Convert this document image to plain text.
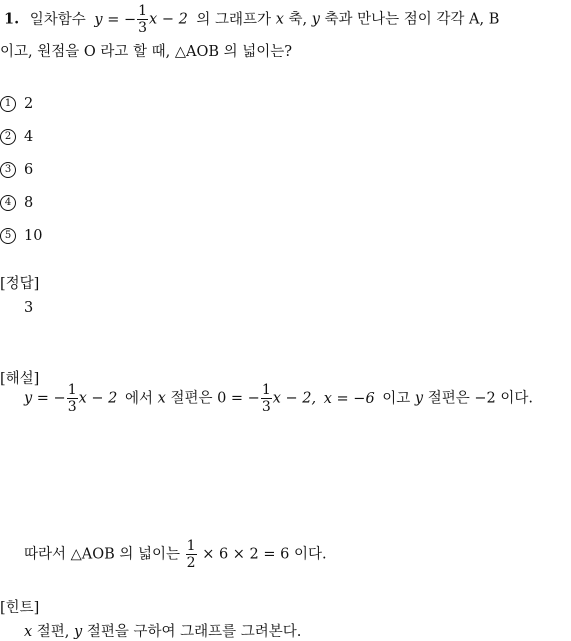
1. 일차함수 y = − $\frac{1}{3}$ x − 2 의 그래프가 x 축, y 축과 만나는 점이 각각 A, B
이고, 원점을 O 라고 할 때, △AOB 의 넓이는?
1 2
2 4
3 6
4 8
5 10
[정답]
3
[해설]
y = − $\frac{1}{3}$ x − 2 에서 x 절편은 0 = − $\frac{1}{3}$ x − 2, x = −6 이고 y 절편은 −2 이다.
따라서 △AOB 의 넓이는 $\frac{1}{2} \times 6 \times 2 = 6$ 이다.
[힌트]
x 절편, y 절편을 구하여 그래프를 그려본다.
